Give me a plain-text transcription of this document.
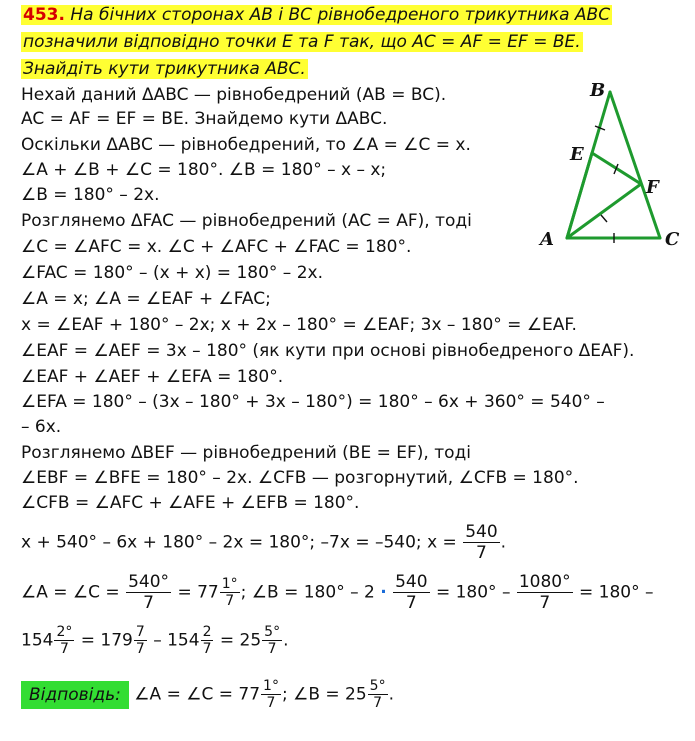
453. На бічних сторонах AB і BC рівнобедреного трикутника ABC
позначили відповідно точки E та F так, що AC = AF = EF = BE.
Знайдіть кути трикутника ABC.
Нехай даний ΔABC — рівнобедрений (AB = BC).
AC = AF = EF = BE. Знайдемо кути ΔABC.
Оскільки ΔABC — рівнобедрений, то ∠A = ∠C = x.
∠A + ∠B + ∠C = 180°. ∠B = 180° – x – x;
∠B = 180° – 2x.
Розглянемо ΔFAC — рівнобедрений (AC = AF), тоді
∠C = ∠AFC = x. ∠C + ∠AFC + ∠FAC = 180°.
∠FAC = 180° – (x + x) = 180° – 2x.
∠A = x; ∠A = ∠EAF + ∠FAC;
x = ∠EAF + 180° – 2x; x + 2x – 180° = ∠EAF; 3x – 180° = ∠EAF.
∠EAF = ∠AEF = 3x – 180° (як кути при основі рівнобедреного ΔEAF).
∠EAF + ∠AEF + ∠EFA = 180°.
∠EFA = 180° – (3x – 180° + 3x – 180°) = 180° – 6x + 360° = 540° –
– 6x.
Розглянемо ΔBEF — рівнобедрений (BE = EF), тоді
∠EBF = ∠BFE = 180° – 2x. ∠CFB — розгорнутий, ∠CFB = 180°.
∠CFB = ∠AFC + ∠AFE + ∠EFB = 180°.
x + 540° – 6x + 180° – 2x = 180°; –7x = –540; $x = \frac{540}{7}$ .
∠A = ∠C = $\frac{540^\circ}{7} = 77 \frac{1^\circ}{7}$ ; ∠B = $180^\circ - 2 \cdot \frac{540}{7} = 180^\circ - \frac{1080^\circ}{7} = 180^\circ$ –
$154 \frac{2^\circ}{7} = 179 \frac{7}{7} - 154 \frac{2}{7} = 25 \frac{5^\circ}{7}$ .
Відповідь: ∠A = ∠C = $77 \frac{1^\circ}{7}$ ; ∠B = $25 \frac{5^\circ}{7}$ .
B
E
F
A	C
